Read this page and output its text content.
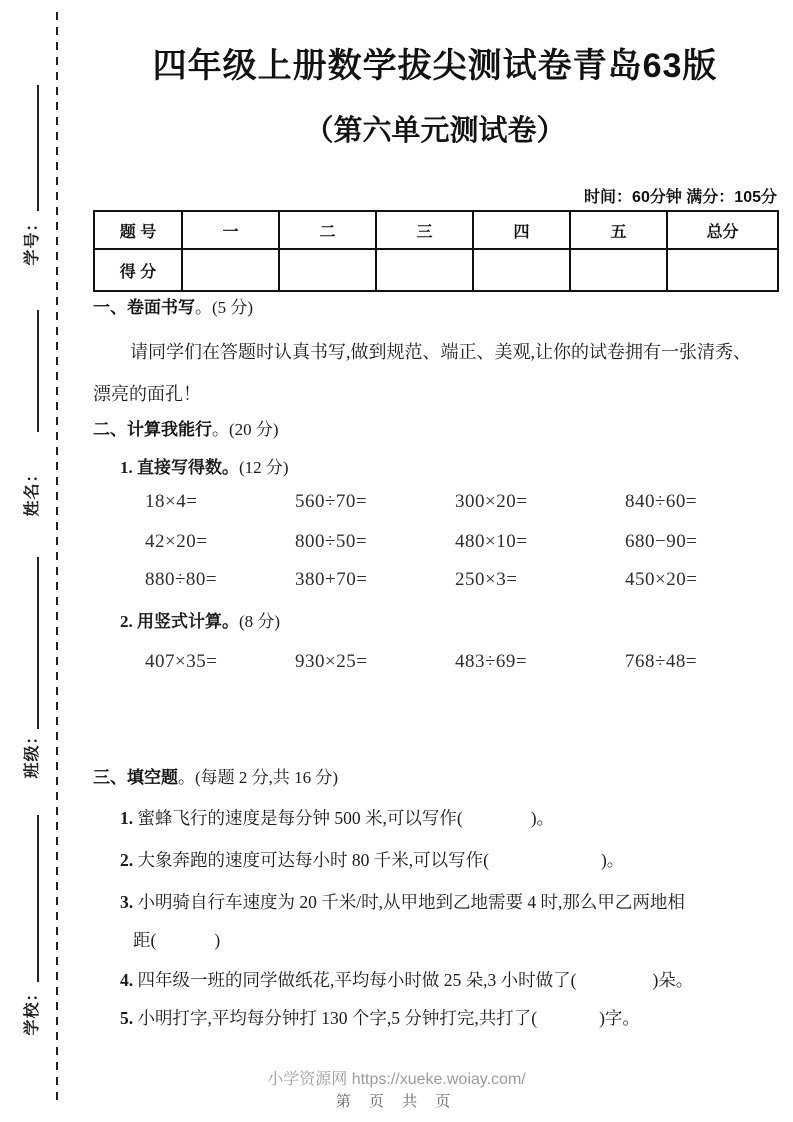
学号：
姓名：
班级：
学校：
四年级上册数学拔尖测试卷青岛63版
（第六单元测试卷）
时间：60分钟 满分：105分
题 号	一	二	三	四	五	总分
得 分						
一、卷面书写。(5 分)
请同学们在答题时认真书写,做到规范、端正、美观,让你的试卷拥有一张清秀、
漂亮的面孔！
二、计算我能行。(20 分)
1. 直接写得数。(12 分)
18×4=	560÷70=	300×20=	840÷60=
42×20=	800÷50=	480×10=	680−90=
880÷80=	380+70=	250×3=	450×20=
2. 用竖式计算。(8 分)
407×35=	930×25=	483÷69=	768÷48=
三、填空题。(每题 2 分,共 16 分)
1. 蜜蜂飞行的速度是每分钟 500 米,可以写作(	)。
2. 大象奔跑的速度可达每小时 80 千米,可以写作(	)。
3. 小明骑自行车速度为 20 千米/时,从甲地到乙地需要 4 时,那么甲乙两地相
距(	)
4. 四年级一班的同学做纸花,平均每小时做 25 朵,3 小时做了(	)朵。
5. 小明打字,平均每分钟打 130 个字,5 分钟打完,共打了(	)字。
小学资源网 https://xueke.woiay.com/
第 页 共 页
